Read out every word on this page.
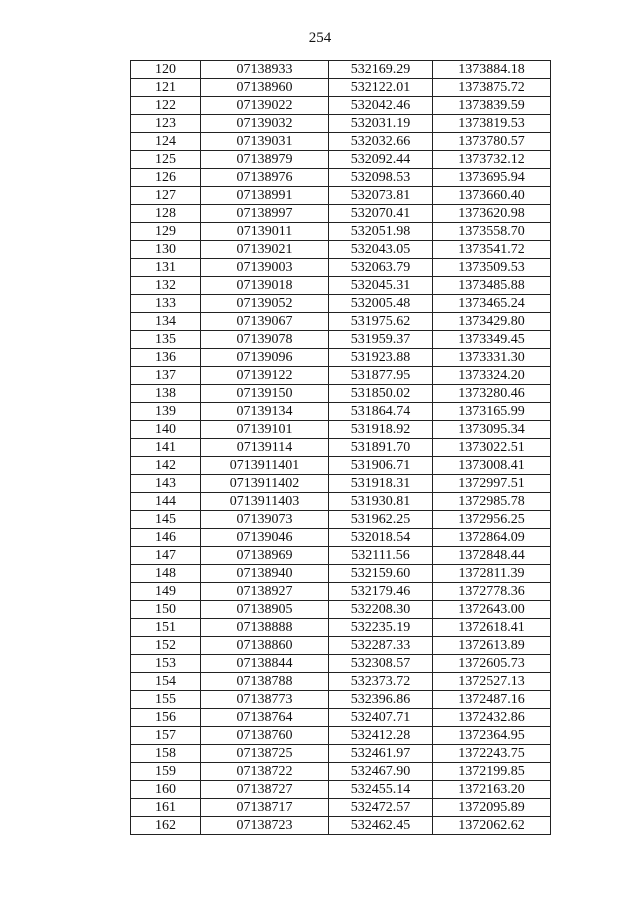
254
120	07138933	532169.29	1373884.18
121	07138960	532122.01	1373875.72
122	07139022	532042.46	1373839.59
123	07139032	532031.19	1373819.53
124	07139031	532032.66	1373780.57
125	07138979	532092.44	1373732.12
126	07138976	532098.53	1373695.94
127	07138991	532073.81	1373660.40
128	07138997	532070.41	1373620.98
129	07139011	532051.98	1373558.70
130	07139021	532043.05	1373541.72
131	07139003	532063.79	1373509.53
132	07139018	532045.31	1373485.88
133	07139052	532005.48	1373465.24
134	07139067	531975.62	1373429.80
135	07139078	531959.37	1373349.45
136	07139096	531923.88	1373331.30
137	07139122	531877.95	1373324.20
138	07139150	531850.02	1373280.46
139	07139134	531864.74	1373165.99
140	07139101	531918.92	1373095.34
141	07139114	531891.70	1373022.51
142	0713911401	531906.71	1373008.41
143	0713911402	531918.31	1372997.51
144	0713911403	531930.81	1372985.78
145	07139073	531962.25	1372956.25
146	07139046	532018.54	1372864.09
147	07138969	532111.56	1372848.44
148	07138940	532159.60	1372811.39
149	07138927	532179.46	1372778.36
150	07138905	532208.30	1372643.00
151	07138888	532235.19	1372618.41
152	07138860	532287.33	1372613.89
153	07138844	532308.57	1372605.73
154	07138788	532373.72	1372527.13
155	07138773	532396.86	1372487.16
156	07138764	532407.71	1372432.86
157	07138760	532412.28	1372364.95
158	07138725	532461.97	1372243.75
159	07138722	532467.90	1372199.85
160	07138727	532455.14	1372163.20
161	07138717	532472.57	1372095.89
162	07138723	532462.45	1372062.62
